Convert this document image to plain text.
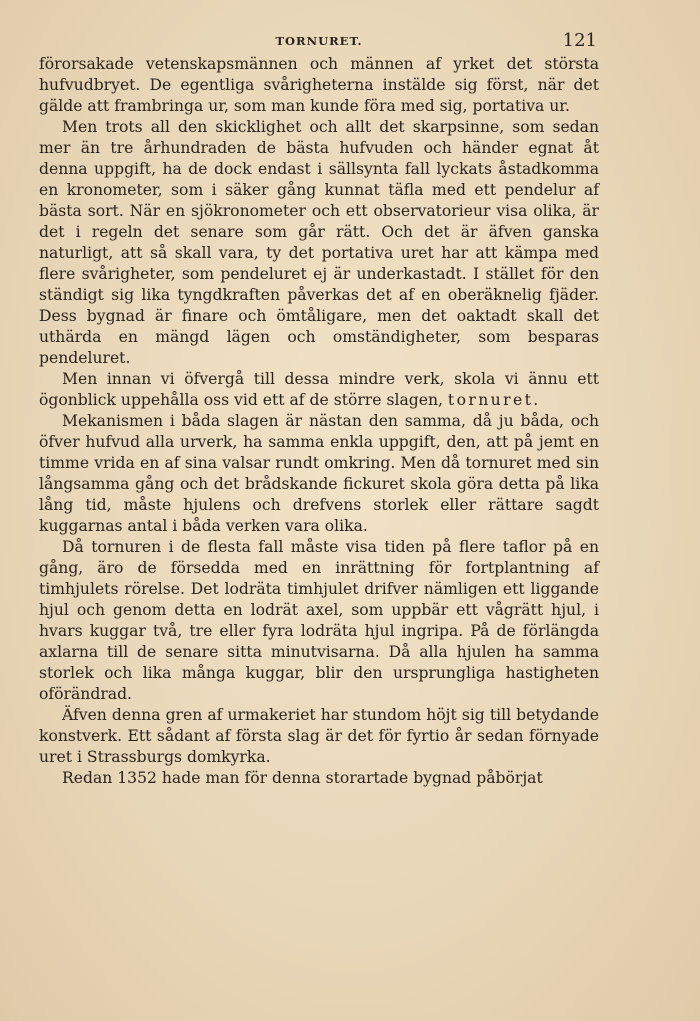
TORNURET.	121

förorsakade vetenskapsmännen och männen af yrket det största hufvudbryet. De egentliga svårigheterna instälde sig först, när det gälde att frambringa ur, som man kunde föra med sig, portativa ur.

Men trots all den skicklighet och allt det skarpsinne, som sedan mer än tre århundraden de bästa hufvuden och händer egnat åt denna uppgift, ha de dock endast i sällsynta fall lyckats åstadkomma en kronometer, som i säker gång kunnat täfla med ett pendelur af bästa sort. När en sjökronometer och ett observatorieur visa olika, är det i regeln det senare som går rätt. Och det är äfven ganska naturligt, att så skall vara, ty det portativa uret har att kämpa med flere svårigheter, som pendeluret ej är underkastadt. I stället för den ständigt sig lika tyngdkraften påverkas det af en oberäknelig fjäder. Dess bygnad är finare och ömtåligare, men det oaktadt skall det uthärda en mängd lägen och omständigheter, som besparas pendeluret.

Men innan vi öfvergå till dessa mindre verk, skola vi ännu ett ögonblick uppehålla oss vid ett af de större slagen, tornuret.

Mekanismen i båda slagen är nästan den samma, då ju båda, och öfver hufvud alla urverk, ha samma enkla uppgift, den, att på jemt en timme vrida en af sina valsar rundt omkring. Men då tornuret med sin långsamma gång och det brådskande fickuret skola göra detta på lika lång tid, måste hjulens och drefvens storlek eller rättare sagdt kuggarnas antal i båda verken vara olika.

Då tornuren i de flesta fall måste visa tiden på flere taflor på en gång, äro de försedda med en inrättning för fortplantning af timhjulets rörelse. Det lodräta timhjulet drifver nämligen ett liggande hjul och genom detta en lodrät axel, som uppbär ett vågrätt hjul, i hvars kuggar två, tre eller fyra lodräta hjul ingripa. På de förlängda axlarna till de senare sitta minutvisarna. Då alla hjulen ha samma storlek och lika många kuggar, blir den ursprungliga hastigheten oförändrad.

Äfven denna gren af urmakeriet har stundom höjt sig till betydande konstverk. Ett sådant af första slag är det för fyrtio år sedan förnyade uret i Strassburgs domkyrka.

Redan 1352 hade man för denna storartade bygnad påbörjat
